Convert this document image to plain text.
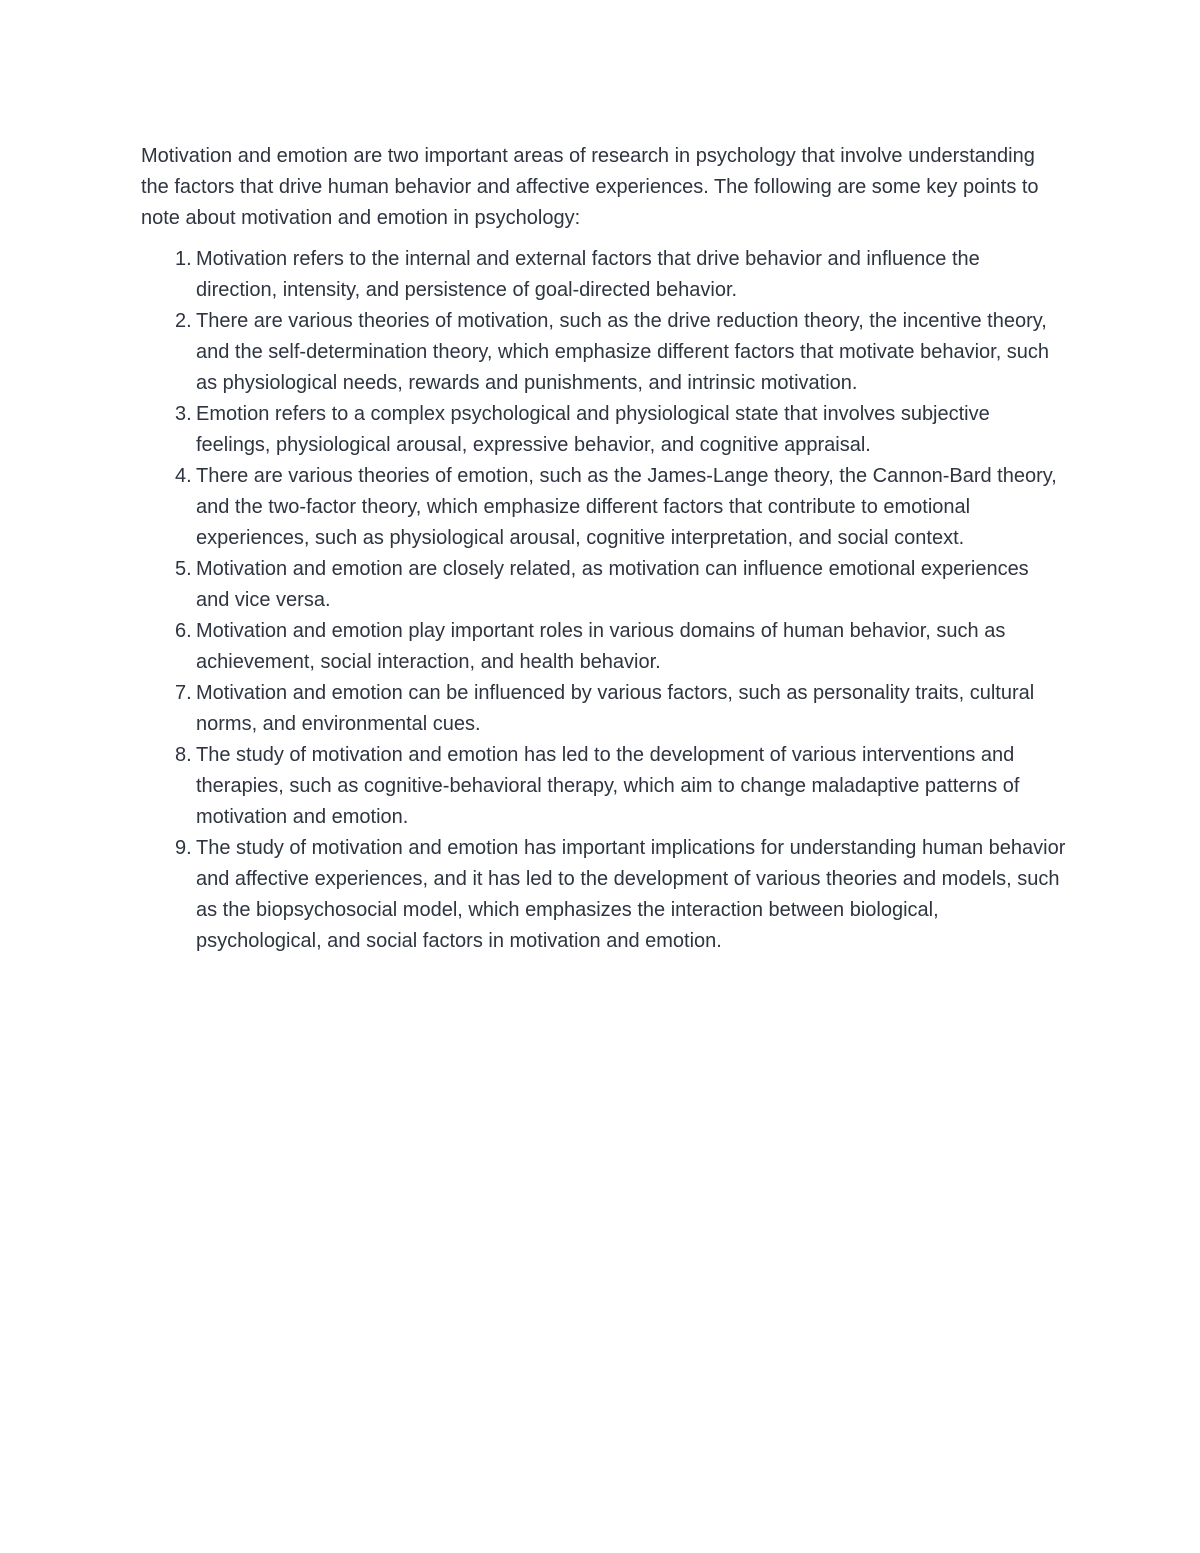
Motivation and emotion are two important areas of research in psychology that involve understanding the factors that drive human behavior and affective experiences. The following are some key points to note about motivation and emotion in psychology:

1. Motivation refers to the internal and external factors that drive behavior and influence the direction, intensity, and persistence of goal-directed behavior.
2. There are various theories of motivation, such as the drive reduction theory, the incentive theory, and the self-determination theory, which emphasize different factors that motivate behavior, such as physiological needs, rewards and punishments, and intrinsic motivation.
3. Emotion refers to a complex psychological and physiological state that involves subjective feelings, physiological arousal, expressive behavior, and cognitive appraisal.
4. There are various theories of emotion, such as the James-Lange theory, the Cannon-Bard theory, and the two-factor theory, which emphasize different factors that contribute to emotional experiences, such as physiological arousal, cognitive interpretation, and social context.
5. Motivation and emotion are closely related, as motivation can influence emotional experiences and vice versa.
6. Motivation and emotion play important roles in various domains of human behavior, such as achievement, social interaction, and health behavior.
7. Motivation and emotion can be influenced by various factors, such as personality traits, cultural norms, and environmental cues.
8. The study of motivation and emotion has led to the development of various interventions and therapies, such as cognitive-behavioral therapy, which aim to change maladaptive patterns of motivation and emotion.
9. The study of motivation and emotion has important implications for understanding human behavior and affective experiences, and it has led to the development of various theories and models, such as the biopsychosocial model, which emphasizes the interaction between biological, psychological, and social factors in motivation and emotion.
